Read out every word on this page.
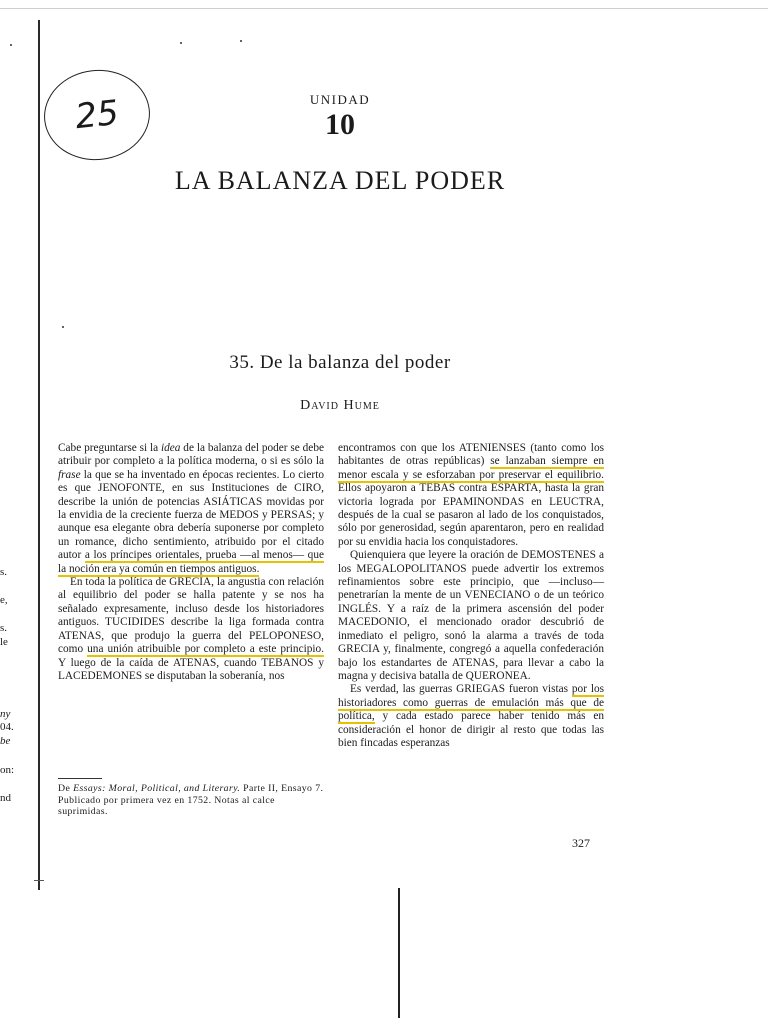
s.
e,
s.
le
ny
04.
be
on:
nd
25	UNIDAD
10
LA BALANZA DEL PODER
35. De la balanza del poder
David Hume

Cabe preguntarse si la idea de la balanza del poder se debe atribuir por completo a la política moderna, o si es sólo la frase la que se ha inventado en épocas recientes. Lo cierto es que JENOFONTE, en sus Instituciones de CIRO, describe la unión de potencias ASIÁTICAS movidas por la envidia de la creciente fuerza de MEDOS y PERSAS; y aunque esa elegante obra debería suponerse por completo un romance, dicho sentimiento, atribuido por el citado autor a los príncipes orientales, prueba —al menos— que la noción era ya común en tiempos antiguos.

En toda la política de GRECIA, la angustia con relación al equilibrio del poder se halla patente y se nos ha señalado expresamente, incluso desde los historiadores antiguos. TUCIDIDES describe la liga formada contra ATENAS, que produjo la guerra del PELOPONESO, como una unión atribuible por completo a este principio. Y luego de la caída de ATENAS, cuando TEBANOS y LACEDEMONES se disputaban la soberanía, nos

encontramos con que los ATENIENSES (tanto como los habitantes de otras repúblicas) se lanzaban siempre en menor escala y se esforzaban por preservar el equilibrio. Ellos apoyaron a TEBAS contra ESPARTA, hasta la gran victoria lograda por EPAMINONDAS en LEUCTRA, después de la cual se pasaron al lado de los conquistados, sólo por generosidad, según aparentaron, pero en realidad por su envidia hacia los conquistadores.

Quienquiera que leyere la oración de DEMOSTENES a los MEGALOPOLITANOS puede advertir los extremos refinamientos sobre este principio, que —incluso— penetrarían la mente de un VENECIANO o de un teórico INGLÉS. Y a raíz de la primera ascensión del poder MACEDONIO, el mencionado orador descubrió de inmediato el peligro, sonó la alarma a través de toda GRECIA y, finalmente, congregó a aquella confederación bajo los estandartes de ATENAS, para llevar a cabo la magna y decisiva batalla de QUERONEA.

Es verdad, las guerras GRIEGAS fueron vistas por los historiadores como guerras de emulación más que de política, y cada estado parece haber tenido más en consideración el honor de dirigir al resto que todas las bien fincadas esperanzas

De Essays: Moral, Political, and Literary. Parte II, Ensayo 7. Publicado por primera vez en 1752. Notas al calce suprimidas.
327
